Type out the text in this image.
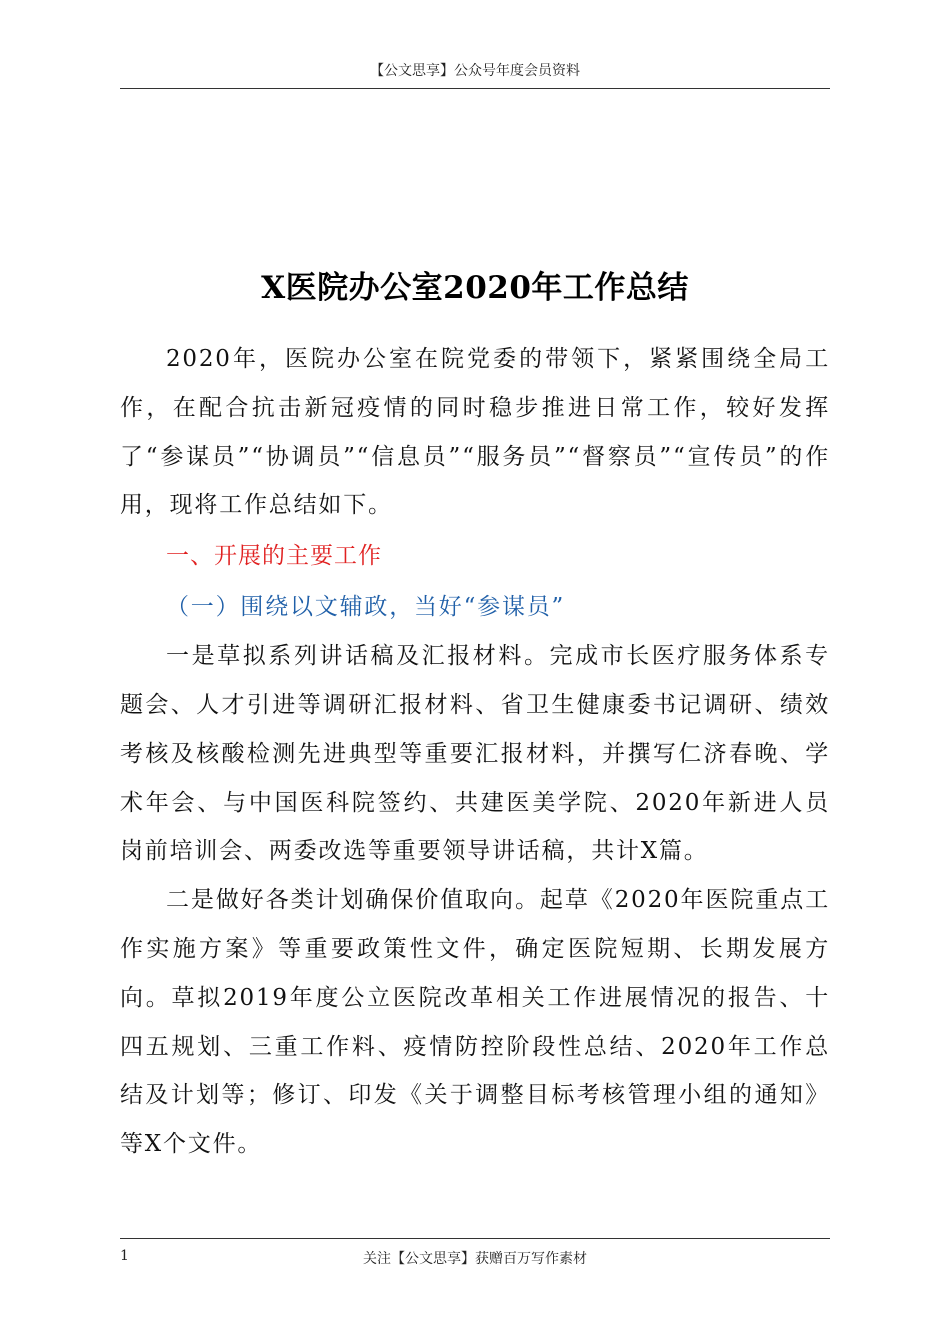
【公文思享】公众号年度会员资料
X医院办公室2020年工作总结

2020年，医院办公室在院党委的带领下，紧紧围绕全局工作，在配合抗击新冠疫情的同时稳步推进日常工作，较好发挥了“参谋员”“协调员”“信息员”“服务员”“督察员”“宣传员”的作用，现将工作总结如下。

一、开展的主要工作

（一）围绕以文辅政，当好“参谋员”

一是草拟系列讲话稿及汇报材料。完成市长医疗服务体系专题会、人才引进等调研汇报材料、省卫生健康委书记调研、绩效考核及核酸检测先进典型等重要汇报材料，并撰写仁济春晚、学术年会、与中国医科院签约、共建医美学院、2020年新进人员岗前培训会、两委改选等重要领导讲话稿，共计X篇。

二是做好各类计划确保价值取向。起草《2020年医院重点工作实施方案》等重要政策性文件，确定医院短期、长期发展方向。草拟2019年度公立医院改革相关工作进展情况的报告、十四五规划、三重工作料、疫情防控阶段性总结、2020年工作总结及计划等；修订、印发《关于调整目标考核管理小组的通知》等X个文件。

1	关注【公文思享】获赠百万写作素材
